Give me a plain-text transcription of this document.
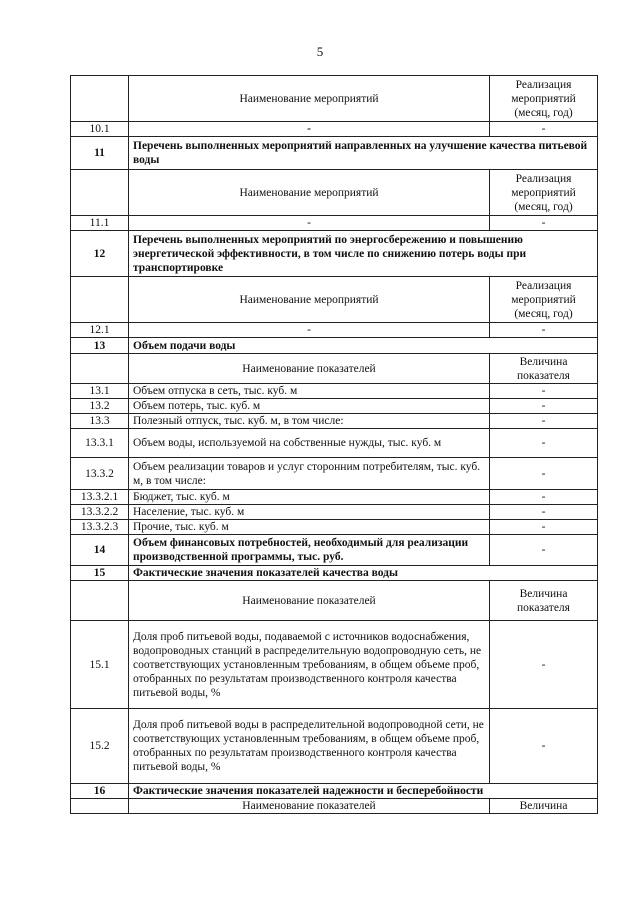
5
	Наименование мероприятий	Реализация мероприятий (месяц, год)
10.1	-	-
11	Перечень выполненных мероприятий направленных на улучшение качества питьевой воды	
	Наименование мероприятий	Реализация мероприятий (месяц, год)
11.1	-	-
12	Перечень выполненных мероприятий по энергосбережению и повышению энергетической эффективности, в том числе по снижению потерь воды при транспортировке	
	Наименование мероприятий	Реализация мероприятий (месяц, год)
12.1	-	-
13	Объем подачи воды	
	Наименование показателей	Величина показателя
13.1	Объем отпуска в сеть, тыс. куб. м	-
13.2	Объем потерь, тыс. куб. м	-
13.3	Полезный отпуск, тыс. куб. м, в том числе:	-
13.3.1	Объем воды, используемой на собственные нужды, тыс. куб. м	-
13.3.2	Объем реализации товаров и услуг сторонним потребителям, тыс. куб. м, в том числе:	-
13.3.2.1	Бюджет, тыс. куб. м	-
13.3.2.2	Население, тыс. куб. м	-
13.3.2.3	Прочие, тыс. куб. м	-
14	Объем финансовых потребностей, необходимый для реализации производственной программы, тыс. руб.	-
15	Фактические значения показателей качества воды	
	Наименование показателей	Величина показателя
15.1	Доля проб питьевой воды, подаваемой с источников водоснабжения, водопроводных станций в распределительную водопроводную сеть, не соответствующих установленным требованиям, в общем объеме проб, отобранных по результатам производственного контроля качества питьевой воды, %	-
15.2	Доля проб питьевой воды в распределительной водопроводной сети, не соответствующих установленным требованиям, в общем объеме проб, отобранных по результатам производственного контроля качества питьевой воды, %	-
16	Фактические значения показателей надежности и бесперебойности	
	Наименование показателей	Величина
